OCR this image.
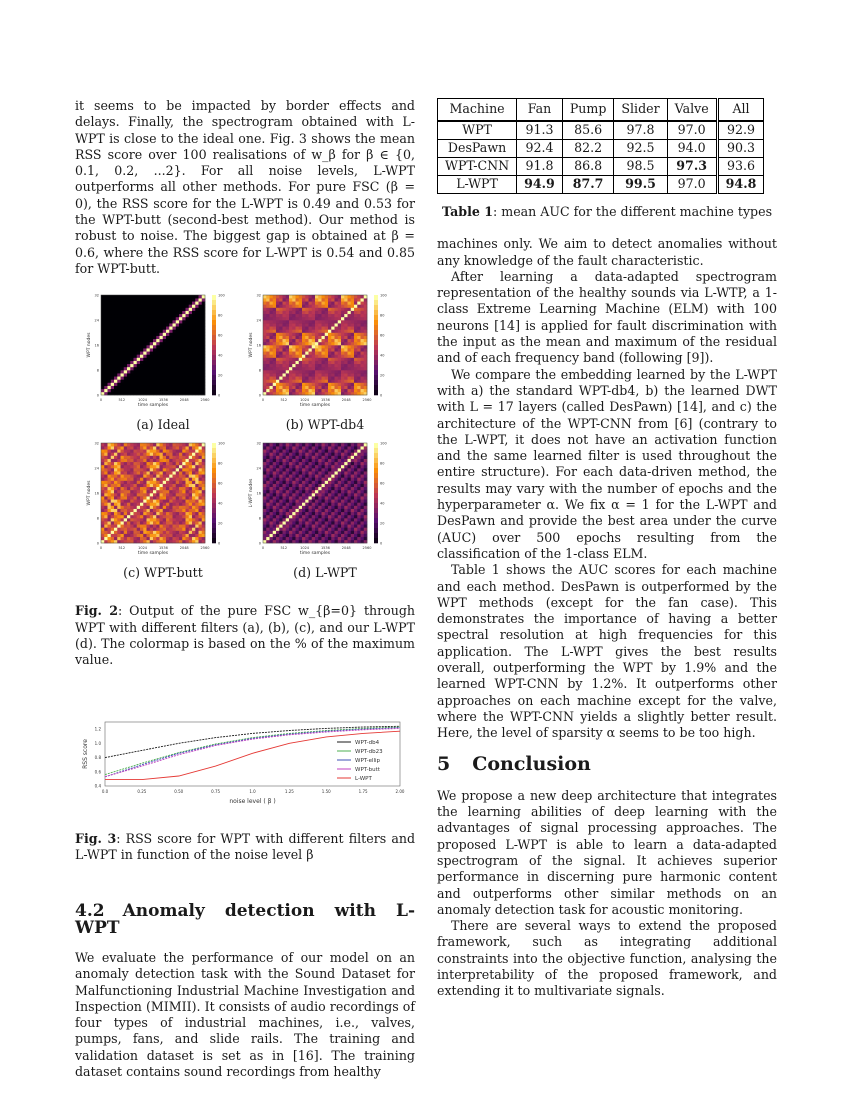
it seems to be impacted by border effects and delays. Finally, the spectrogram obtained with L-WPT is close to the ideal one. Fig. 3 shows the mean RSS score over 100 realisations of w_β for β ∈ {0, 0.1, 0.2, ...2}. For all noise levels, L-WPT outperforms all other methods. For pure FSC (β = 0), the RSS score for the L-WPT is 0.49 and 0.53 for the WPT-butt (second-best method). Our method is robust to noise. The biggest gap is obtained at β = 0.6, where the RSS score for L-WPT is 0.54 and 0.85 for WPT-butt.

0	512	1024	1536	2048	2560
0
8
16
24
32
time samples
WPT nodes
0
20
40
60
80
100
(a) Ideal
0	512	1024	1536	2048	2560
0
8
16
24
32
time samples
WPT nodes
0
20
40
60
80
100
(b) WPT-db4
0	512	1024	1536	2048	2560
0
8
16
24
32
time samples
WPT nodes
0
20
40
60
80
100
(c) WPT-butt
0	512	1024	1536	2048	2560
0
8
16
24
32
time samples
L-WPT nodes
0
20
40
60
80
100
(d) L-WPT

Fig. 2: Output of the pure FSC w_{β=0} through WPT with different filters (a), (b), (c), and our L-WPT (d). The colormap is based on the % of the maximum value.

0.0	0.25	0.50	0.75	1.0	1.25	1.50	1.75	2.00
0.4
0.6
0.8
1.0
1.2
WPT-db4
WPT-db23
WPT-ellip
WPT-butt
L-WPT
noise level ( β )
RSS score

Fig. 3: RSS score for WPT with different filters and L-WPT in function of the noise level β

4.2 Anomaly detection with L-WPT

We evaluate the performance of our model on an anomaly detection task with the Sound Dataset for Malfunctioning Industrial Machine Investigation and Inspection (MIMII). It consists of audio recordings of four types of industrial machines, i.e., valves, pumps, fans, and slide rails. The training and validation dataset is set as in [16]. The training dataset contains sound recordings from healthy

Machine	Fan	Pump	Slider	Valve	All
WPT	91.3	85.6	97.8	97.0	92.9
DesPawn	92.4	82.2	92.5	94.0	90.3
WPT-CNN	91.8	86.8	98.5	97.3	93.6
L-WPT	94.9	87.7	99.5	97.0	94.8

Table 1: mean AUC for the different machine types

machines only. We aim to detect anomalies without any knowledge of the fault characteristic.

After learning a data-adapted spectrogram representation of the healthy sounds via L-WTP, a 1-class Extreme Learning Machine (ELM) with 100 neurons [14] is applied for fault discrimination with the input as the mean and maximum of the residual and of each frequency band (following [9]).

We compare the embedding learned by the L-WPT with a) the standard WPT-db4, b) the learned DWT with L = 17 layers (called DesPawn) [14], and c) the architecture of the WPT-CNN from [6] (contrary to the L-WPT, it does not have an activation function and the same learned filter is used throughout the entire structure). For each data-driven method, the results may vary with the number of epochs and the hyperparameter α. We fix α = 1 for the L-WPT and DesPawn and provide the best area under the curve (AUC) over 500 epochs resulting from the classification of the 1-class ELM.

Table 1 shows the AUC scores for each machine and each method. DesPawn is outperformed by the WPT methods (except for the fan case). This demonstrates the importance of having a better spectral resolution at high frequencies for this application. The L-WPT gives the best results overall, outperforming the WPT by 1.9% and the learned WPT-CNN by 1.2%. It outperforms other approaches on each machine except for the valve, where the WPT-CNN yields a slightly better result. Here, the level of sparsity α seems to be too high.

5 Conclusion

We propose a new deep architecture that integrates the learning abilities of deep learning with the advantages of signal processing approaches. The proposed L-WPT is able to learn a data-adapted spectrogram of the signal. It achieves superior performance in discerning pure harmonic content and outperforms other similar methods on an anomaly detection task for acoustic monitoring.

There are several ways to extend the proposed framework, such as integrating additional constraints into the objective function, analysing the interpretability of the proposed framework, and extending it to multivariate signals.
